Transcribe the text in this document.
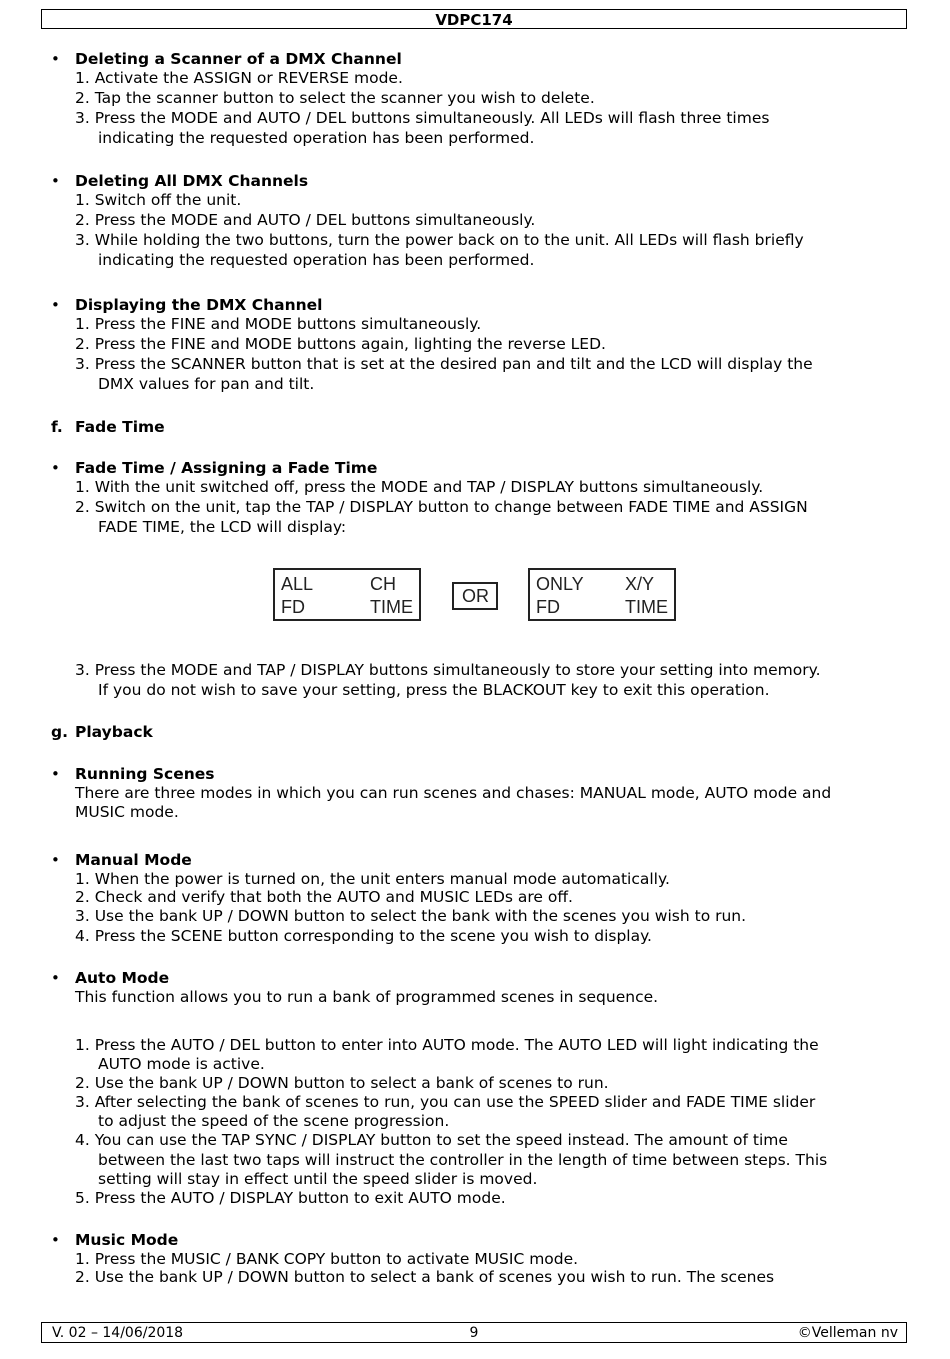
VDPC174
• Deleting a Scanner of a DMX Channel
1. Activate the ASSIGN or REVERSE mode.
2. Tap the scanner button to select the scanner you wish to delete.
3. Press the MODE and AUTO / DEL buttons simultaneously. All LEDs will flash three times
indicating the requested operation has been performed.
• Deleting All DMX Channels
1. Switch off the unit.
2. Press the MODE and AUTO / DEL buttons simultaneously.
3. While holding the two buttons, turn the power back on to the unit. All LEDs will flash briefly
indicating the requested operation has been performed.
• Displaying the DMX Channel
1. Press the FINE and MODE buttons simultaneously.
2. Press the FINE and MODE buttons again, lighting the reverse LED.
3. Press the SCANNER button that is set at the desired pan and tilt and the LCD will display the
DMX values for pan and tilt.
f. Fade Time
• Fade Time / Assigning a Fade Time
1. With the unit switched off, press the MODE and TAP / DISPLAY buttons simultaneously.
2. Switch on the unit, tap the TAP / DISPLAY button to change between FADE TIME and ASSIGN
FADE TIME, the LCD will display:
ALL	CH
FD	TIME
OR
ONLY X/Y
FD	TIME
3. Press the MODE and TAP / DISPLAY buttons simultaneously to store your setting into memory.
If you do not wish to save your setting, press the BLACKOUT key to exit this operation.
g. Playback
• Running Scenes
There are three modes in which you can run scenes and chases: MANUAL mode, AUTO mode and
MUSIC mode.
• Manual Mode
1. When the power is turned on, the unit enters manual mode automatically.
2. Check and verify that both the AUTO and MUSIC LEDs are off.
3. Use the bank UP / DOWN button to select the bank with the scenes you wish to run.
4. Press the SCENE button corresponding to the scene you wish to display.
• Auto Mode
This function allows you to run a bank of programmed scenes in sequence.
1. Press the AUTO / DEL button to enter into AUTO mode. The AUTO LED will light indicating the
AUTO mode is active.
2. Use the bank UP / DOWN button to select a bank of scenes to run.
3. After selecting the bank of scenes to run, you can use the SPEED slider and FADE TIME slider
to adjust the speed of the scene progression.
4. You can use the TAP SYNC / DISPLAY button to set the speed instead. The amount of time
between the last two taps will instruct the controller in the length of time between steps. This
setting will stay in effect until the speed slider is moved.
5. Press the AUTO / DISPLAY button to exit AUTO mode.
• Music Mode
1. Press the MUSIC / BANK COPY button to activate MUSIC mode.
2. Use the bank UP / DOWN button to select a bank of scenes you wish to run. The scenes
V. 02 – 14/06/2018	9	©Velleman nv
